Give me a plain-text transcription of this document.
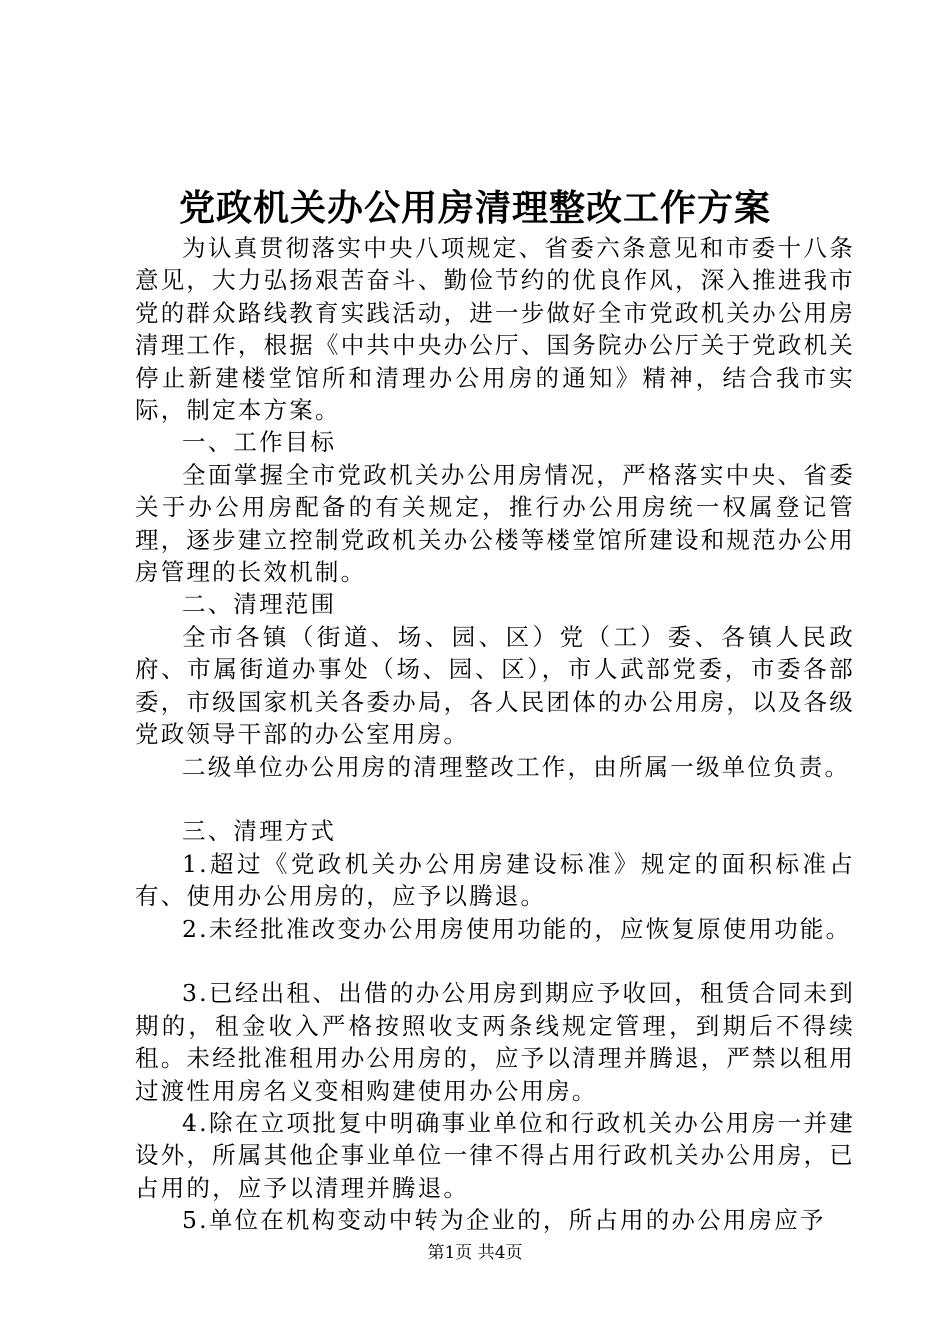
党政机关办公用房清理整改工作方案

为认真贯彻落实中央八项规定、省委六条意见和市委十八条意见，大力弘扬艰苦奋斗、勤俭节约的优良作风，深入推进我市党的群众路线教育实践活动，进一步做好全市党政机关办公用房清理工作，根据《中共中央办公厅、国务院办公厅关于党政机关停止新建楼堂馆所和清理办公用房的通知》精神，结合我市实际，制定本方案。

一、工作目标

全面掌握全市党政机关办公用房情况，严格落实中央、省委关于办公用房配备的有关规定，推行办公用房统一权属登记管理，逐步建立控制党政机关办公楼等楼堂馆所建设和规范办公用房管理的长效机制。

二、清理范围

全市各镇（街道、场、园、区）党（工）委、各镇人民政府、市属街道办事处（场、园、区），市人武部党委，市委各部委，市级国家机关各委办局，各人民团体的办公用房，以及各级党政领导干部的办公室用房。

二级单位办公用房的清理整改工作，由所属一级单位负责。

三、清理方式

1.超过《党政机关办公用房建设标准》规定的面积标准占有、使用办公用房的，应予以腾退。

2.未经批准改变办公用房使用功能的，应恢复原使用功能。

3.已经出租、出借的办公用房到期应予收回，租赁合同未到期的，租金收入严格按照收支两条线规定管理，到期后不得续租。未经批准租用办公用房的，应予以清理并腾退，严禁以租用过渡性用房名义变相购建使用办公用房。

4.除在立项批复中明确事业单位和行政机关办公用房一并建设外，所属其他企事业单位一律不得占用行政机关办公用房，已占用的，应予以清理并腾退。

5.单位在机构变动中转为企业的，所占用的办公用房应予

第1页 共4页
